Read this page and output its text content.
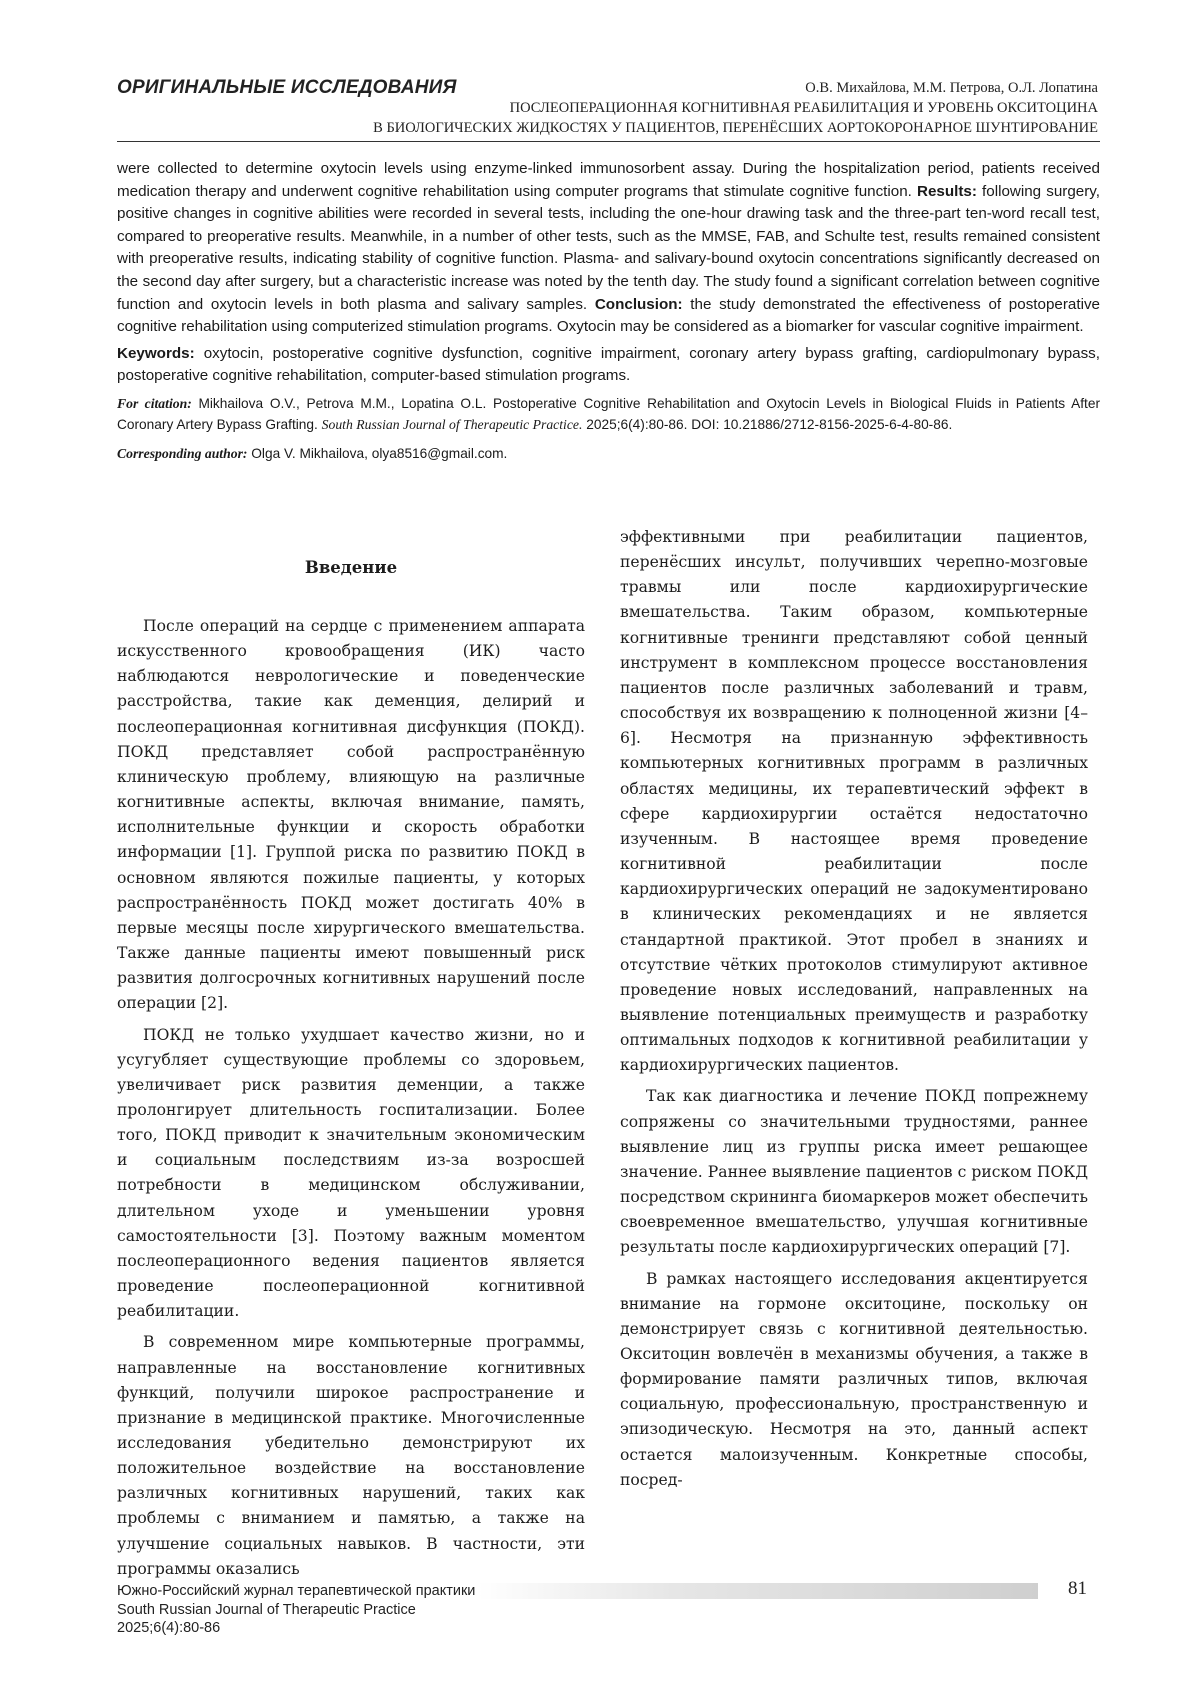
ОРИГИНАЛЬНЫЕ ИССЛЕДОВАНИЯ	О.В. Михайлова, М.М. Петрова, О.Л. Лопатина
ПОСЛЕОПЕРАЦИОННАЯ КОГНИТИВНАЯ РЕАБИЛИТАЦИЯ И УРОВЕНЬ ОКСИТОЦИНА
В БИОЛОГИЧЕСКИХ ЖИДКОСТЯХ У ПАЦИЕНТОВ, ПЕРЕНЁСШИХ АОРТОКОРОНАРНОЕ ШУНТИРОВАНИЕ

were collected to determine oxytocin levels using enzyme-linked immunosorbent assay. During the hospitalization period, patients received medication therapy and underwent cognitive rehabilitation using computer programs that stimulate cognitive function. Results: following surgery, positive changes in cognitive abilities were recorded in several tests, including the one-hour drawing task and the three-part ten-word recall test, compared to preoperative results. Meanwhile, in a number of other tests, such as the MMSE, FAB, and Schulte test, results remained consistent with preoperative results, indicating stability of cognitive function. Plasma- and salivary-bound oxytocin concentrations significantly decreased on the second day after surgery, but a characteristic increase was noted by the tenth day. The study found a significant correlation between cognitive function and oxytocin levels in both plasma and salivary samples. Conclusion: the study demonstrated the effectiveness of postoperative cognitive rehabilitation using computerized stimulation programs. Oxytocin may be considered as a biomarker for vascular cognitive impairment.

Keywords: oxytocin, postoperative cognitive dysfunction, cognitive impairment, coronary artery bypass grafting, cardiopulmonary bypass, postoperative cognitive rehabilitation, computer-based stimulation programs.

For citation: Mikhailova O.V., Petrova M.M., Lopatina O.L. Postoperative Cognitive Rehabilitation and Oxytocin Levels in Biological Fluids in Patients After Coronary Artery Bypass Grafting. South Russian Journal of Therapeutic Practice. 2025;6(4):80-86. DOI: 10.21886/2712-8156-2025-6-4-80-86.

Corresponding author: Olga V. Mikhailova, olya8516@gmail.com.

Введение

После операций на сердце с применением аппарата искусственного кровообращения (ИК) часто наблюдаются неврологические и поведенческие расстройства, такие как деменция, делирий и послеоперационная когнитивная дисфункция (ПОКД). ПОКД представляет собой распространённую клиническую проблему, влияющую на различные когнитивные аспекты, включая внимание, память, исполнительные функции и скорость обработки информации [1]. Группой риска по развитию ПОКД в основном являются пожилые пациенты, у которых распространённость ПОКД может достигать 40% в первые месяцы после хирургического вмешательства. Также данные пациенты имеют повышенный риск развития долгосрочных когнитивных нарушений после операции [2].

ПОКД не только ухудшает качество жизни, но и усугубляет существующие проблемы со здоровьем, увеличивает риск развития деменции, а также пролонгирует длительность госпитализации. Более того, ПОКД приводит к значительным экономическим и социальным последствиям из-за возросшей потребности в медицинском обслуживании, длительном уходе и уменьшении уровня самостоятельности [3]. Поэтому важным моментом послеоперационного ведения пациентов является проведение послеоперационной когнитивной реабилитации.

В современном мире компьютерные программы, направленные на восстановление когнитивных функций, получили широкое распространение и признание в медицинской практике. Многочисленные исследования убедительно демонстрируют их положительное воздействие на восстановление различных когнитивных нарушений, таких как проблемы с вниманием и памятью, а также на улучшение социальных навыков. В частности, эти программы оказались

эффективными при реабилитации пациентов, перенёсших инсульт, получивших черепно-мозговые травмы или после кардиохирургические вмешательства. Таким образом, компьютерные когнитивные тренинги представляют собой ценный инструмент в комплексном процессе восстановления пациентов после различных заболеваний и травм, способствуя их возвращению к полноценной жизни [4–6]. Несмотря на признанную эффективность компьютерных когнитивных программ в различных областях медицины, их терапевтический эффект в сфере кардиохирургии остаётся недостаточно изученным. В настоящее время проведение когнитивной реабилитации после кардиохирургических операций не задокументировано в клинических рекомендациях и не является стандартной практикой. Этот пробел в знаниях и отсутствие чётких протоколов стимулируют активное проведение новых исследований, направленных на выявление потенциальных преимуществ и разработку оптимальных подходов к когнитивной реабилитации у кардиохирургических пациентов.

Так как диагностика и лечение ПОКД попрежнему сопряжены со значительными трудностями, раннее выявление лиц из группы риска имеет решающее значение. Раннее выявление пациентов с риском ПОКД посредством скрининга биомаркеров может обеспечить своевременное вмешательство, улучшая когнитивные результаты после кардиохирургических операций [7].

В рамках настоящего исследования акцентируется внимание на гормоне окситоцине, поскольку он демонстрирует связь с когнитивной деятельностью. Окситоцин вовлечён в механизмы обучения, а также в формирование памяти различных типов, включая социальную, профессиональную, пространственную и эпизодическую. Несмотря на это, данный аспект остается малоизученным. Конкретные способы, посред-

Южно-Российский журнал терапевтической практики
South Russian Journal of Therapeutic Practice
2025;6(4):80-86
81
